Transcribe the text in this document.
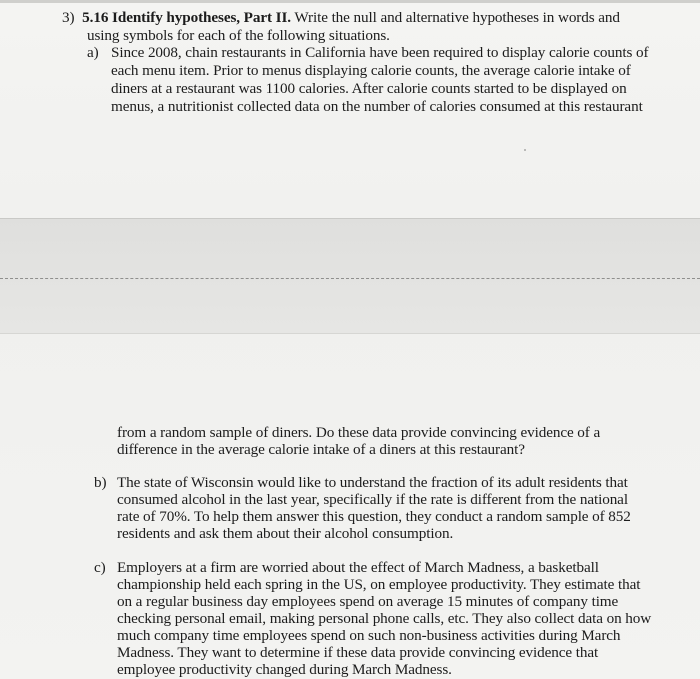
3) 5.16 Identify hypotheses, Part II. Write the null and alternative hypotheses in words and
using symbols for each of the following situations.
a) Since 2008, chain restaurants in California have been required to display calorie counts of
each menu item. Prior to menus displaying calorie counts, the average calorie intake of
diners at a restaurant was 1100 calories. After calorie counts started to be displayed on
menus, a nutritionist collected data on the number of calories consumed at this restaurant
from a random sample of diners. Do these data provide convincing evidence of a
difference in the average calorie intake of a diners at this restaurant?
b) The state of Wisconsin would like to understand the fraction of its adult residents that
consumed alcohol in the last year, specifically if the rate is different from the national
rate of 70%. To help them answer this question, they conduct a random sample of 852
residents and ask them about their alcohol consumption.
c) Employers at a firm are worried about the effect of March Madness, a basketball
championship held each spring in the US, on employee productivity. They estimate that
on a regular business day employees spend on average 15 minutes of company time
checking personal email, making personal phone calls, etc. They also collect data on how
much company time employees spend on such non-business activities during March
Madness. They want to determine if these data provide convincing evidence that
employee productivity changed during March Madness.
